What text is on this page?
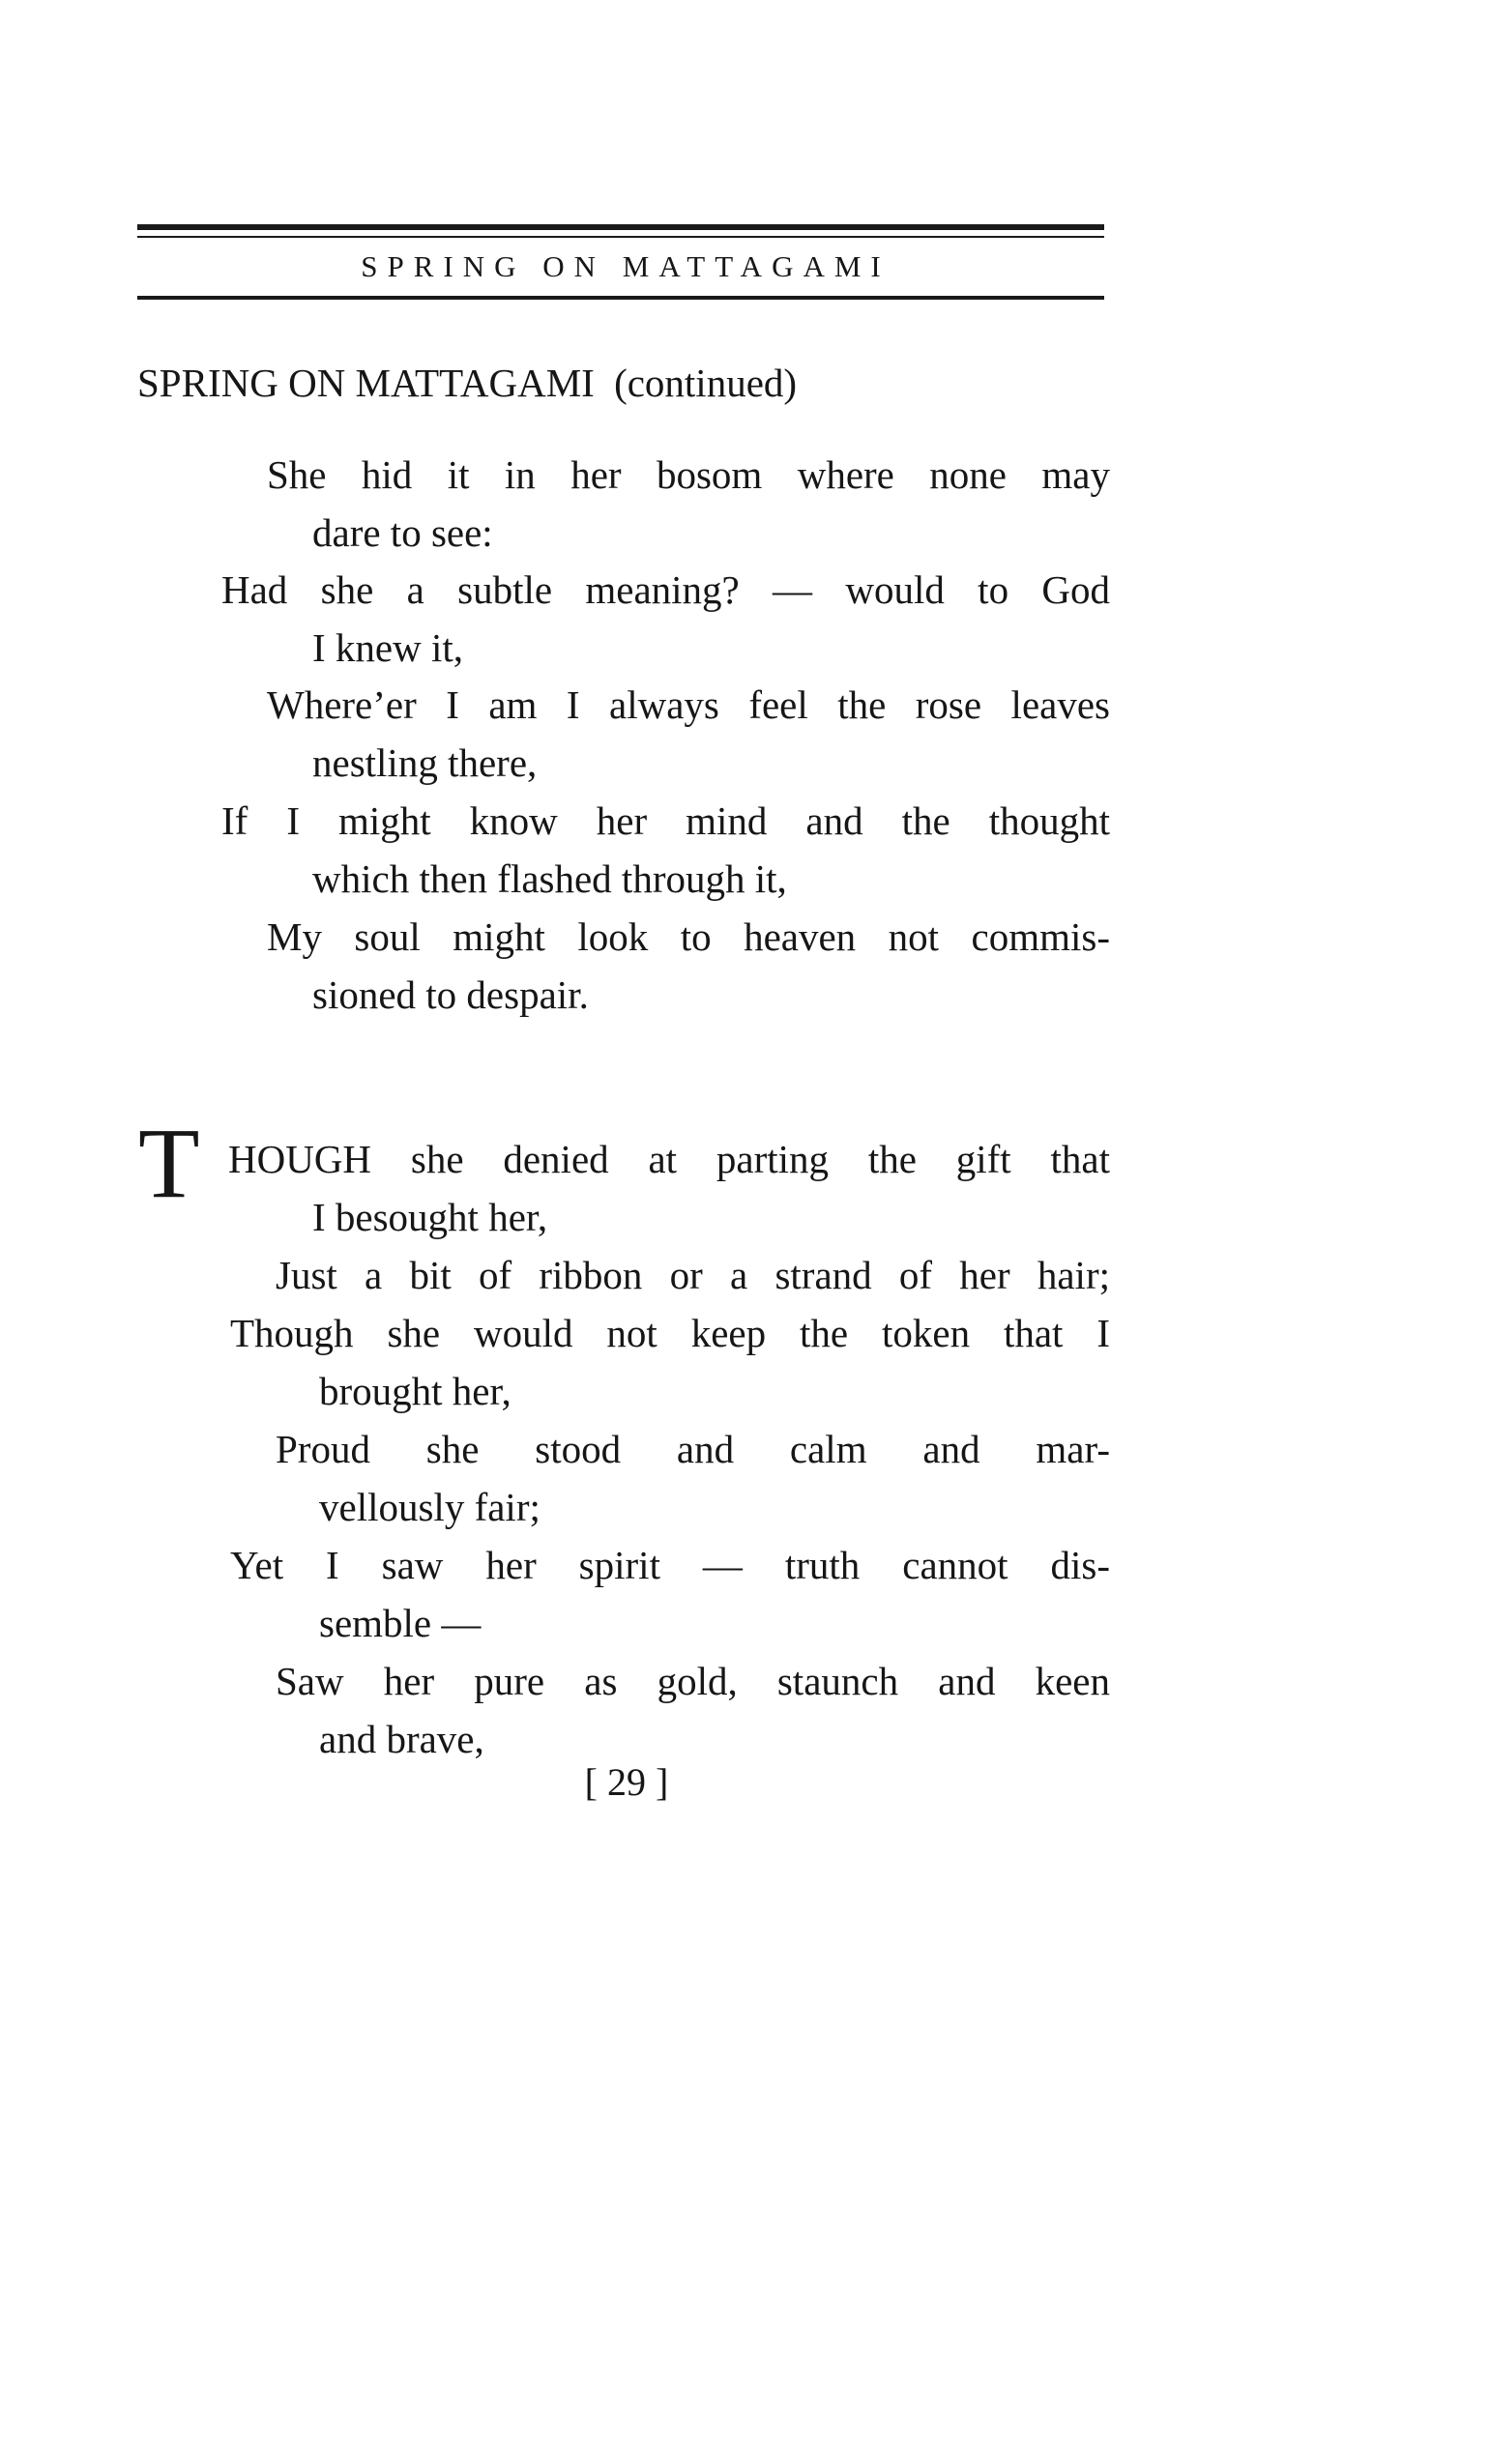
SPRING ON MATTAGAMI
SPRING ON MATTAGAMI (continued)
She hid it in her bosom where none may
dare to see:
Had she a subtle meaning? — would to God
I knew it,
Where’er I am I always feel the rose leaves
nestling there,
If I might know her mind and the thought
which then flashed through it,
My soul might look to heaven not commis-
sioned to despair.
T HOUGH she denied at parting the gift that
I besought her,
Just a bit of ribbon or a strand of her hair;
Though she would not keep the token that I
brought her,
Proud she stood and calm and mar-
vellously fair;
Yet I saw her spirit — truth cannot dis-
semble —
Saw her pure as gold, staunch and keen
and brave,
[ 29 ]
